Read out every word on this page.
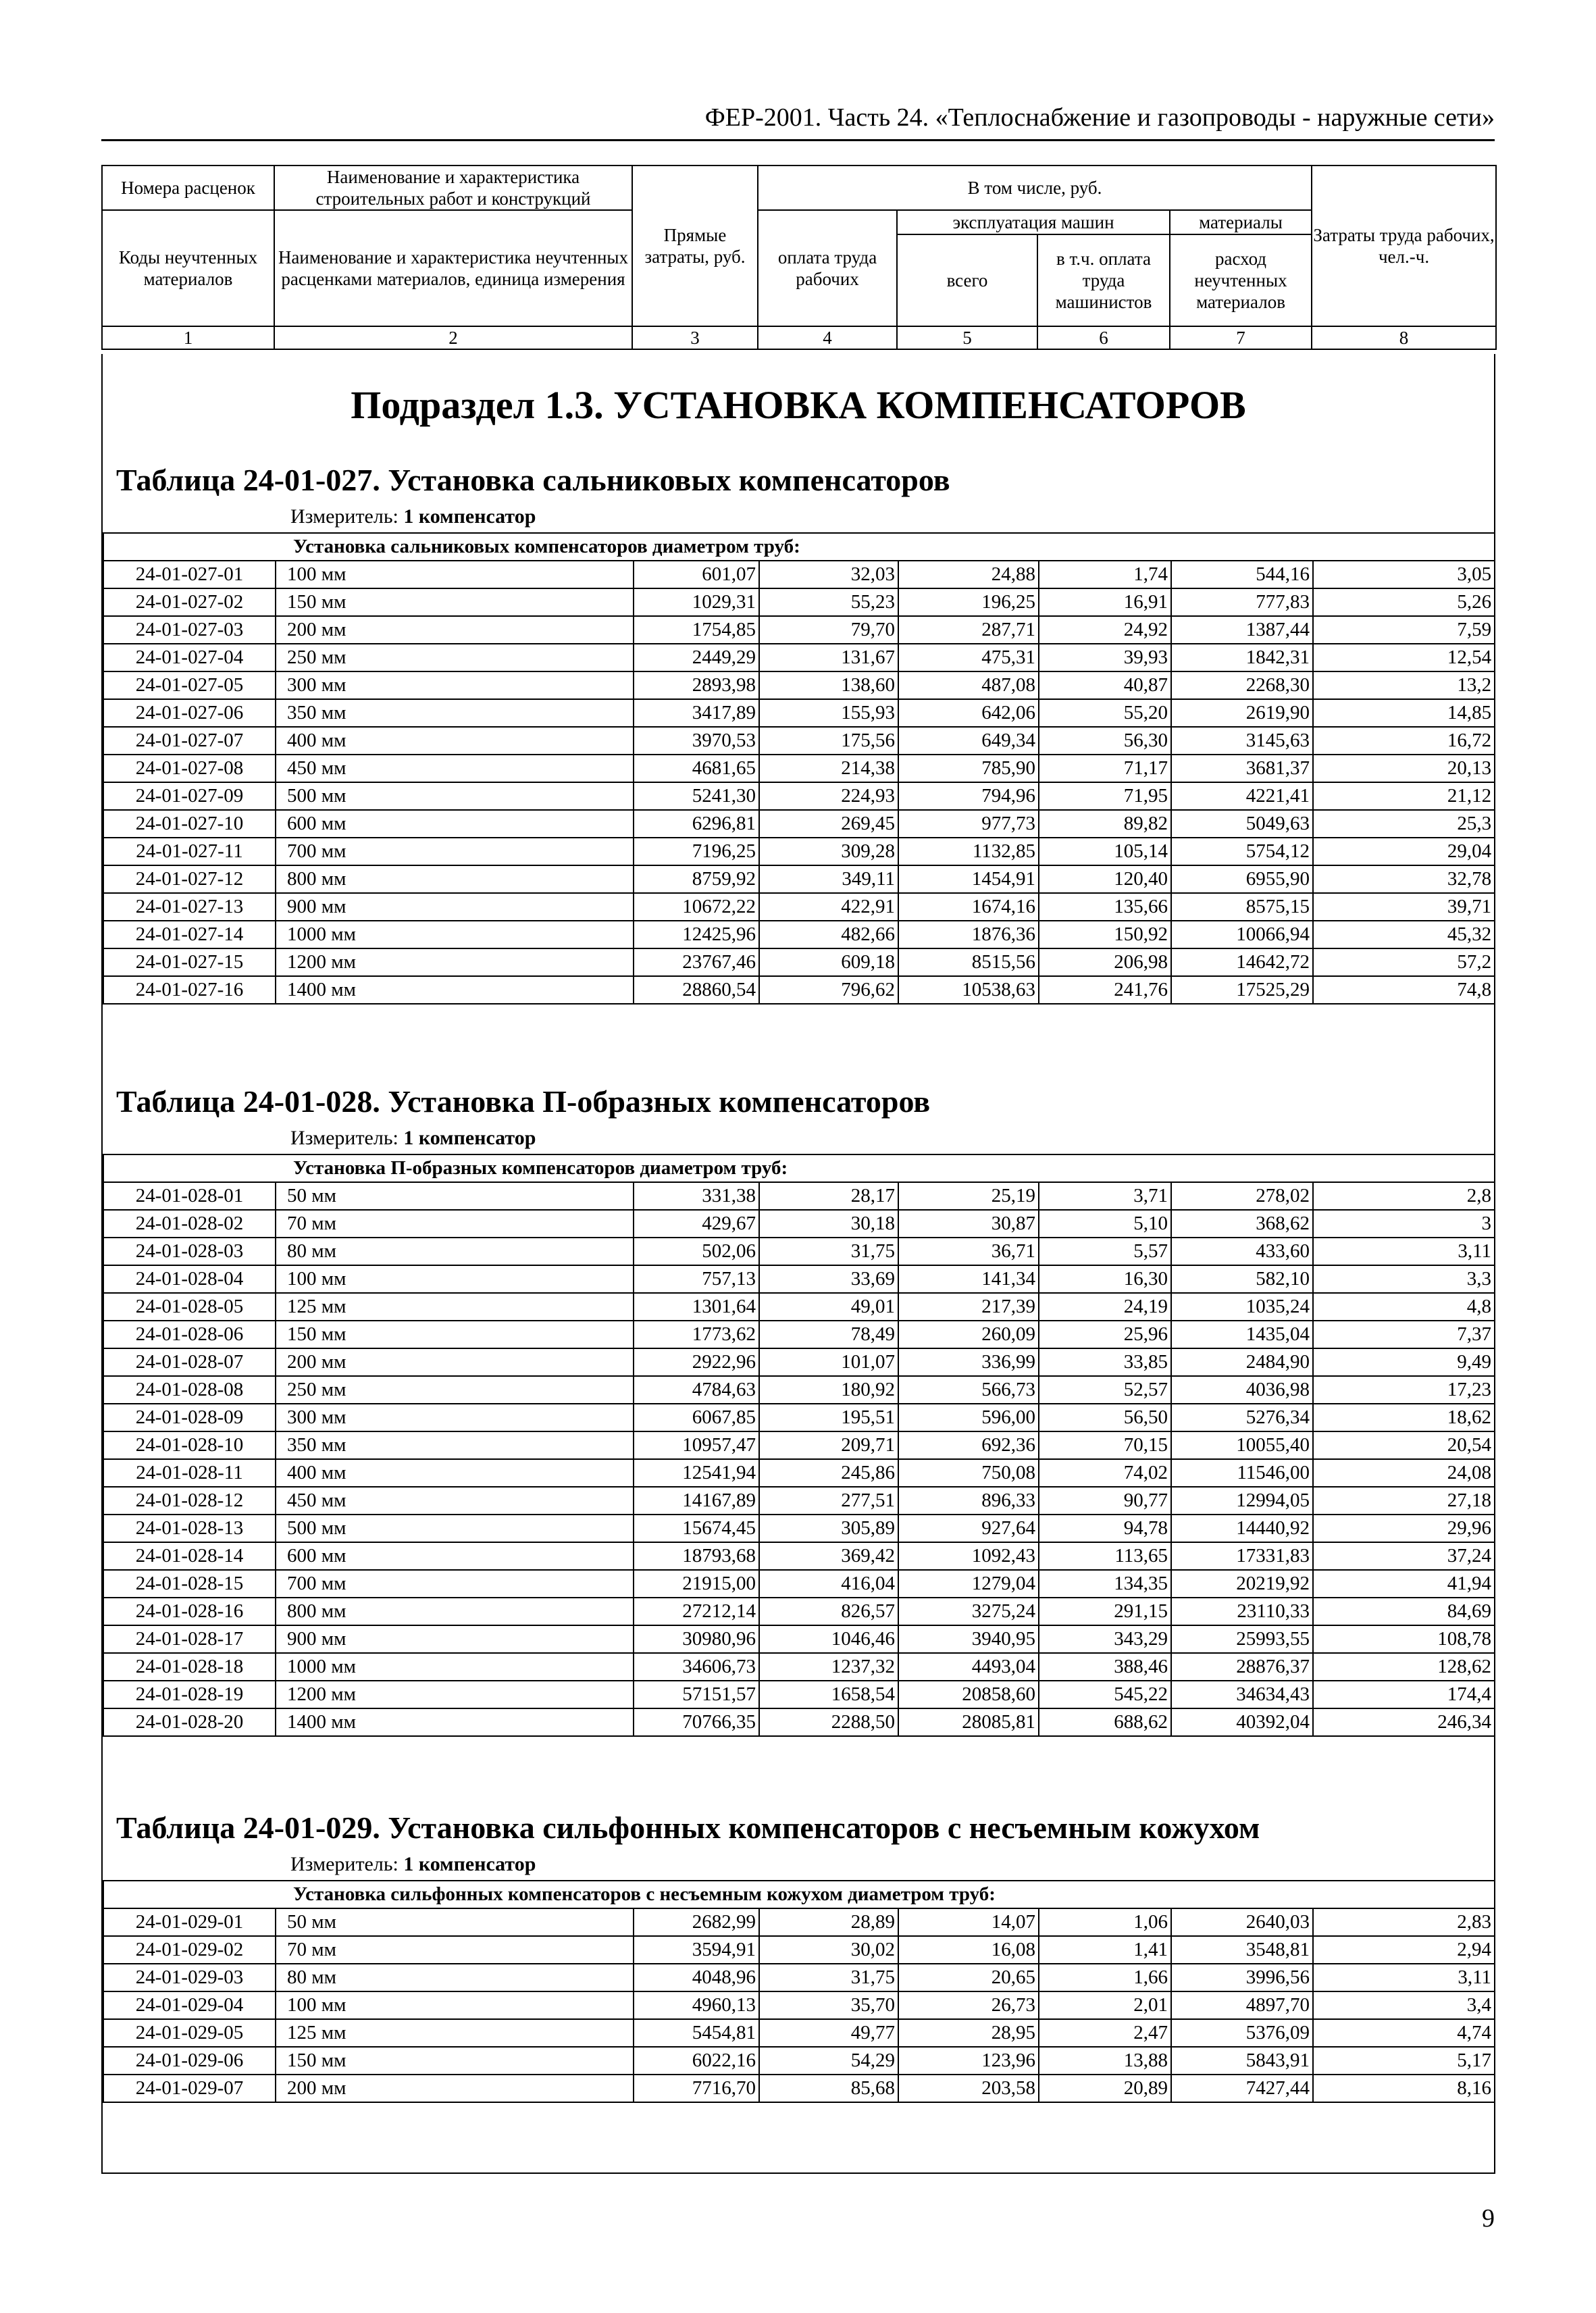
ФЕР-2001. Часть 24. «Теплоснабжение и газопроводы - наружные сети»
Номера расценок	Наименование и характеристика строительных работ и конструкций	Прямые затраты, руб.	В том числе, руб.				Затраты труда рабочих, чел.-ч.
Коды неучтенных материалов	Наименование и характеристика неучтенных расценками материалов, единица измерения		оплата труда рабочих	эксплуатация машин		материалы	
				всего	в т.ч. оплата труда машинистов	расход неучтенных материалов	
1	2	3	4	5	6	7	8
Подраздел 1.3. УСТАНОВКА КОМПЕНСАТОРОВ
Таблица 24-01-027. Установка сальниковых компенсаторов
Измеритель: 1 компенсатор
Установка сальниковых компенсаторов диаметром труб:							
24-01-027-01	100 мм	601,07	32,03	24,88	1,74	544,16	3,05
24-01-027-02	150 мм	1029,31	55,23	196,25	16,91	777,83	5,26
24-01-027-03	200 мм	1754,85	79,70	287,71	24,92	1387,44	7,59
24-01-027-04	250 мм	2449,29	131,67	475,31	39,93	1842,31	12,54
24-01-027-05	300 мм	2893,98	138,60	487,08	40,87	2268,30	13,2
24-01-027-06	350 мм	3417,89	155,93	642,06	55,20	2619,90	14,85
24-01-027-07	400 мм	3970,53	175,56	649,34	56,30	3145,63	16,72
24-01-027-08	450 мм	4681,65	214,38	785,90	71,17	3681,37	20,13
24-01-027-09	500 мм	5241,30	224,93	794,96	71,95	4221,41	21,12
24-01-027-10	600 мм	6296,81	269,45	977,73	89,82	5049,63	25,3
24-01-027-11	700 мм	7196,25	309,28	1132,85	105,14	5754,12	29,04
24-01-027-12	800 мм	8759,92	349,11	1454,91	120,40	6955,90	32,78
24-01-027-13	900 мм	10672,22	422,91	1674,16	135,66	8575,15	39,71
24-01-027-14	1000 мм	12425,96	482,66	1876,36	150,92	10066,94	45,32
24-01-027-15	1200 мм	23767,46	609,18	8515,56	206,98	14642,72	57,2
24-01-027-16	1400 мм	28860,54	796,62	10538,63	241,76	17525,29	74,8
Таблица 24-01-028. Установка П-образных компенсаторов
Измеритель: 1 компенсатор
Установка П-образных компенсаторов диаметром труб:							
24-01-028-01	50 мм	331,38	28,17	25,19	3,71	278,02	2,8
24-01-028-02	70 мм	429,67	30,18	30,87	5,10	368,62	3
24-01-028-03	80 мм	502,06	31,75	36,71	5,57	433,60	3,11
24-01-028-04	100 мм	757,13	33,69	141,34	16,30	582,10	3,3
24-01-028-05	125 мм	1301,64	49,01	217,39	24,19	1035,24	4,8
24-01-028-06	150 мм	1773,62	78,49	260,09	25,96	1435,04	7,37
24-01-028-07	200 мм	2922,96	101,07	336,99	33,85	2484,90	9,49
24-01-028-08	250 мм	4784,63	180,92	566,73	52,57	4036,98	17,23
24-01-028-09	300 мм	6067,85	195,51	596,00	56,50	5276,34	18,62
24-01-028-10	350 мм	10957,47	209,71	692,36	70,15	10055,40	20,54
24-01-028-11	400 мм	12541,94	245,86	750,08	74,02	11546,00	24,08
24-01-028-12	450 мм	14167,89	277,51	896,33	90,77	12994,05	27,18
24-01-028-13	500 мм	15674,45	305,89	927,64	94,78	14440,92	29,96
24-01-028-14	600 мм	18793,68	369,42	1092,43	113,65	17331,83	37,24
24-01-028-15	700 мм	21915,00	416,04	1279,04	134,35	20219,92	41,94
24-01-028-16	800 мм	27212,14	826,57	3275,24	291,15	23110,33	84,69
24-01-028-17	900 мм	30980,96	1046,46	3940,95	343,29	25993,55	108,78
24-01-028-18	1000 мм	34606,73	1237,32	4493,04	388,46	28876,37	128,62
24-01-028-19	1200 мм	57151,57	1658,54	20858,60	545,22	34634,43	174,4
24-01-028-20	1400 мм	70766,35	2288,50	28085,81	688,62	40392,04	246,34
Таблица 24-01-029. Установка сильфонных компенсаторов с несъемным кожухом
Измеритель: 1 компенсатор
Установка сильфонных компенсаторов с несъемным кожухом диаметром труб:							
24-01-029-01	50 мм	2682,99	28,89	14,07	1,06	2640,03	2,83
24-01-029-02	70 мм	3594,91	30,02	16,08	1,41	3548,81	2,94
24-01-029-03	80 мм	4048,96	31,75	20,65	1,66	3996,56	3,11
24-01-029-04	100 мм	4960,13	35,70	26,73	2,01	4897,70	3,4
24-01-029-05	125 мм	5454,81	49,77	28,95	2,47	5376,09	4,74
24-01-029-06	150 мм	6022,16	54,29	123,96	13,88	5843,91	5,17
24-01-029-07	200 мм	7716,70	85,68	203,58	20,89	7427,44	8,16
9
